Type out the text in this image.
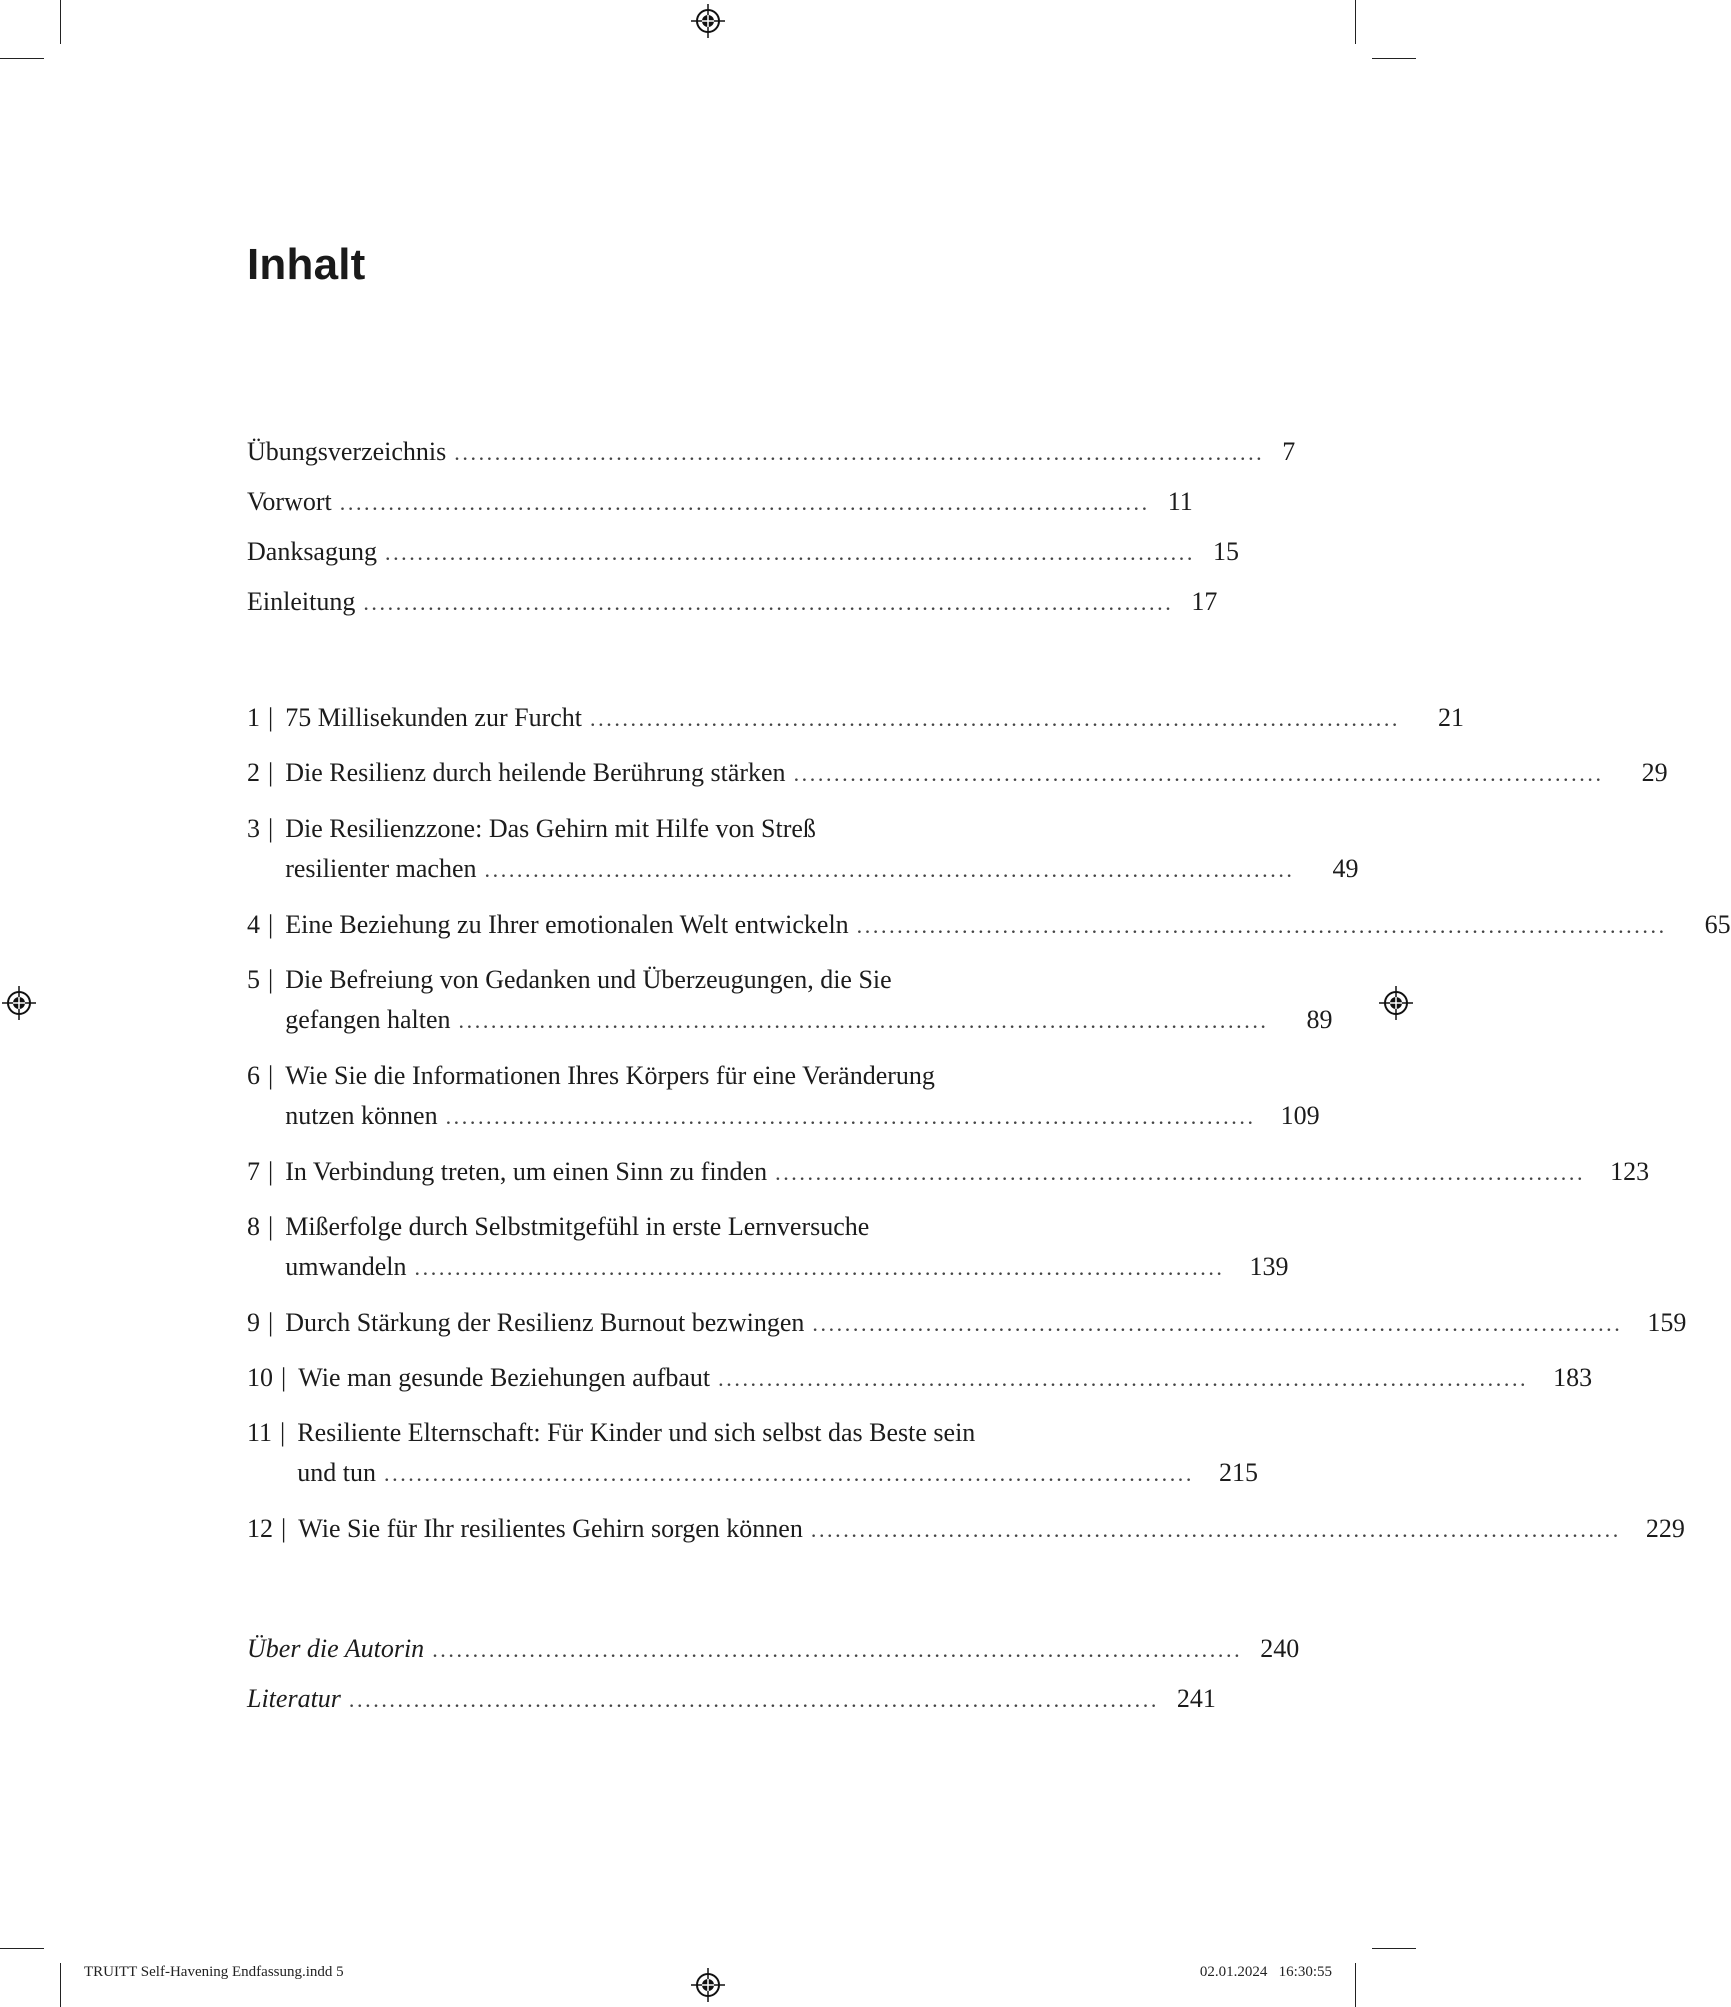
Inhalt
Übungsverzeichnis .................................................................................................... 7
Vorwort .................................................................................................... 11
Danksagung .................................................................................................... 15
Einleitung .................................................................................................... 17
1 | 75 Millisekunden zur Furcht ....................................................................................................	21
2 | Die Resilienz durch heilende Berührung stärken ....................................................................................................	29
3 | Die Resilienzzone: Das Gehirn mit Hilfe von Streß
resilienter machen ....................................................................................................	49
4 | Eine Beziehung zu Ihrer emotionalen Welt entwickeln ....................................................................................................	65
5 | Die Befreiung von Gedanken und Überzeugungen, die Sie
gefangen halten ....................................................................................................	89
6 | Wie Sie die Informationen Ihres Körpers für eine Veränderung
nutzen können .................................................................................................... 109
7 | In Verbindung treten, um einen Sinn zu finden .................................................................................................... 123
8 | Mißerfolge durch Selbstmitgefühl in erste Lernversuche
umwandeln .................................................................................................... 139
9 | Durch Stärkung der Resilienz Burnout bezwingen .................................................................................................... 159
10 | Wie man gesunde Beziehungen aufbaut .................................................................................................... 183
11 | Resiliente Elternschaft: Für Kinder und sich selbst das Beste sein
und tun .................................................................................................... 215
12 | Wie Sie für Ihr resilientes Gehirn sorgen können .................................................................................................... 229
Über die Autorin .................................................................................................... 240
Literatur .................................................................................................... 241
TRUITT Self-Havening Endfassung.indd 5	02.01.2024 16:30:55
